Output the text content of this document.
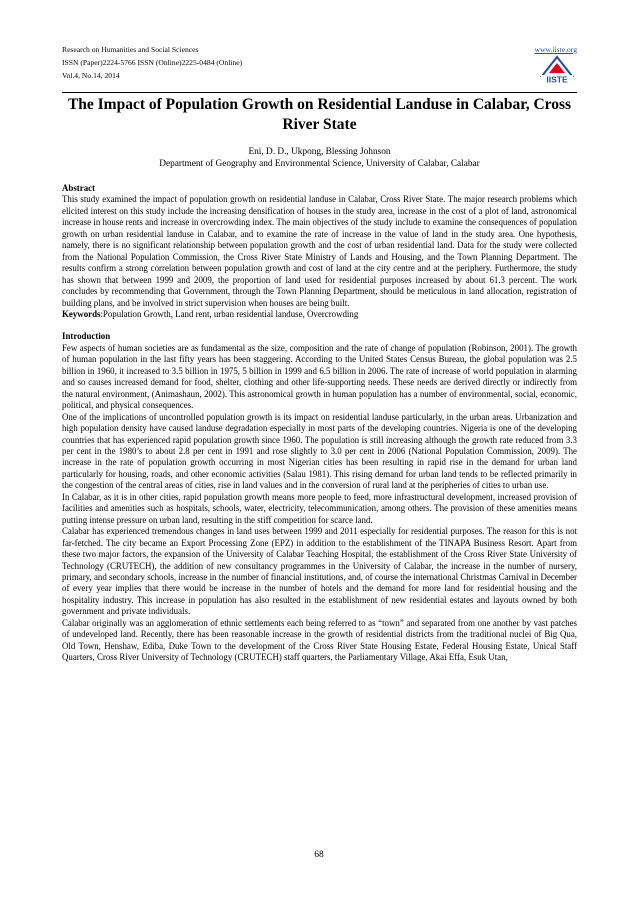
Research on Humanities and Social Sciences
ISSN (Paper)2224-5766 ISSN (Online)2225-0484 (Online)
Vol.4, No.14, 2014
www.iiste.org
IISTE
The Impact of Population Growth on Residential Landuse in Calabar, Cross River State
Eni, D. D., Ukpong, Blessing Johnson
Department of Geography and Environmental Science, University of Calabar, Calabar

Abstract

This study examined the impact of population growth on residential landuse in Calabar, Cross River State. The major research problems which elicited interest on this study include the increasing densification of houses in the study area, increase in the cost of a plot of land, astronomical increase in house rents and increase in overcrowding index. The main objectives of the study include to examine the consequences of population growth on urban residential landuse in Calabar, and to examine the rate of increase in the value of land in the study area. One hypothesis, namely, there is no significant relationship between population growth and the cost of urban residential land. Data for the study were collected from the National Population Commission, the Cross River State Ministry of Lands and Housing, and the Town Planning Department. The results confirm a strong correlation between population growth and cost of land at the city centre and at the periphery. Furthermore, the study has shown that between 1999 and 2009, the proportion of land used for residential purposes increased by about 61.3 percent. The work concludes by recommending that Government, through the Town Planning Department, should be meticulous in land allocation, registration of building plans, and be involved in strict supervision when houses are being built.

Keywords:Population Growth, Land rent, urban residential landuse, Overcrowding

Introduction

Few aspects of human societies are as fundamental as the size, composition and the rate of change of population (Robinson, 2001). The growth of human population in the last fifty years has been staggering. According to the United States Census Bureau, the global population was 2.5 billion in 1960, it increased to 3.5 billion in 1975, 5 billion in 1999 and 6.5 billion in 2006. The rate of increase of world population in alarming and so causes increased demand for food, shelter, clothing and other life-supporting needs. These needs are derived directly or indirectly from the natural environment, (Animashaun, 2002). This astronomical growth in human population has a number of environmental, social, economic, political, and physical consequences.

One of the implications of uncontrolled population growth is its impact on residential landuse particularly, in the urban areas. Urbanization and high population density have caused landuse degradation especially in most parts of the developing countries. Nigeria is one of the developing countries that has experienced rapid population growth since 1960. The population is still increasing although the growth rate reduced from 3.3 per cent in the 1980’s to about 2.8 per cent in 1991 and rose slightly to 3.0 per cent in 2006 (National Population Commission, 2009). The increase in the rate of population growth occurring in most Nigerian cities has been resulting in rapid rise in the demand for urban land particularly for housing, roads, and other economic activities (Salau 1981). This rising demand for urban land tends to be reflected primarily in the congestion of the central areas of cities, rise in land values and in the conversion of rural land at the peripheries of cities to urban use.

In Calabar, as it is in other cities, rapid population growth means more people to feed, more infrastructural development, increased provision of facilities and amenities such as hospitals, schools, water, electricity, telecommunication, among others. The provision of these amenities means putting intense pressure on urban land, resulting in the stiff competition for scarce land.

Calabar has experienced tremendous changes in land uses between 1999 and 2011 especially for residential purposes. The reason for this is not far-fetched. The city became an Export Processing Zone (EPZ) in addition to the establishment of the TINAPA Business Resort. Apart from these two major factors, the expansion of the University of Calabar Teaching Hospital, the establishment of the Cross River State University of Technology (CRUTECH), the addition of new consultancy programmes in the University of Calabar, the increase in the number of nursery, primary, and secondary schools, increase in the number of financial institutions, and, of course the international Christmas Carnival in December of every year implies that there would be increase in the number of hotels and the demand for more land for residential housing and the hospitality industry. This increase in population has also resulted in the establishment of new residential estates and layouts owned by both government and private individuals.

Calabar originally was an agglomeration of ethnic settlements each being referred to as “town” and separated from one another by vast patches of undeveloped land. Recently, there has been reasonable increase in the growth of residential districts from the traditional nuclei of Big Qua, Old Town, Henshaw, Ediba, Duke Town to the development of the Cross River State Housing Estate, Federal Housing Estate, Unical Staff Quarters, Cross River University of Technology (CRUTECH) staff quarters, the Parliamentary Village, Akai Effa, Esuk Utan,

68
